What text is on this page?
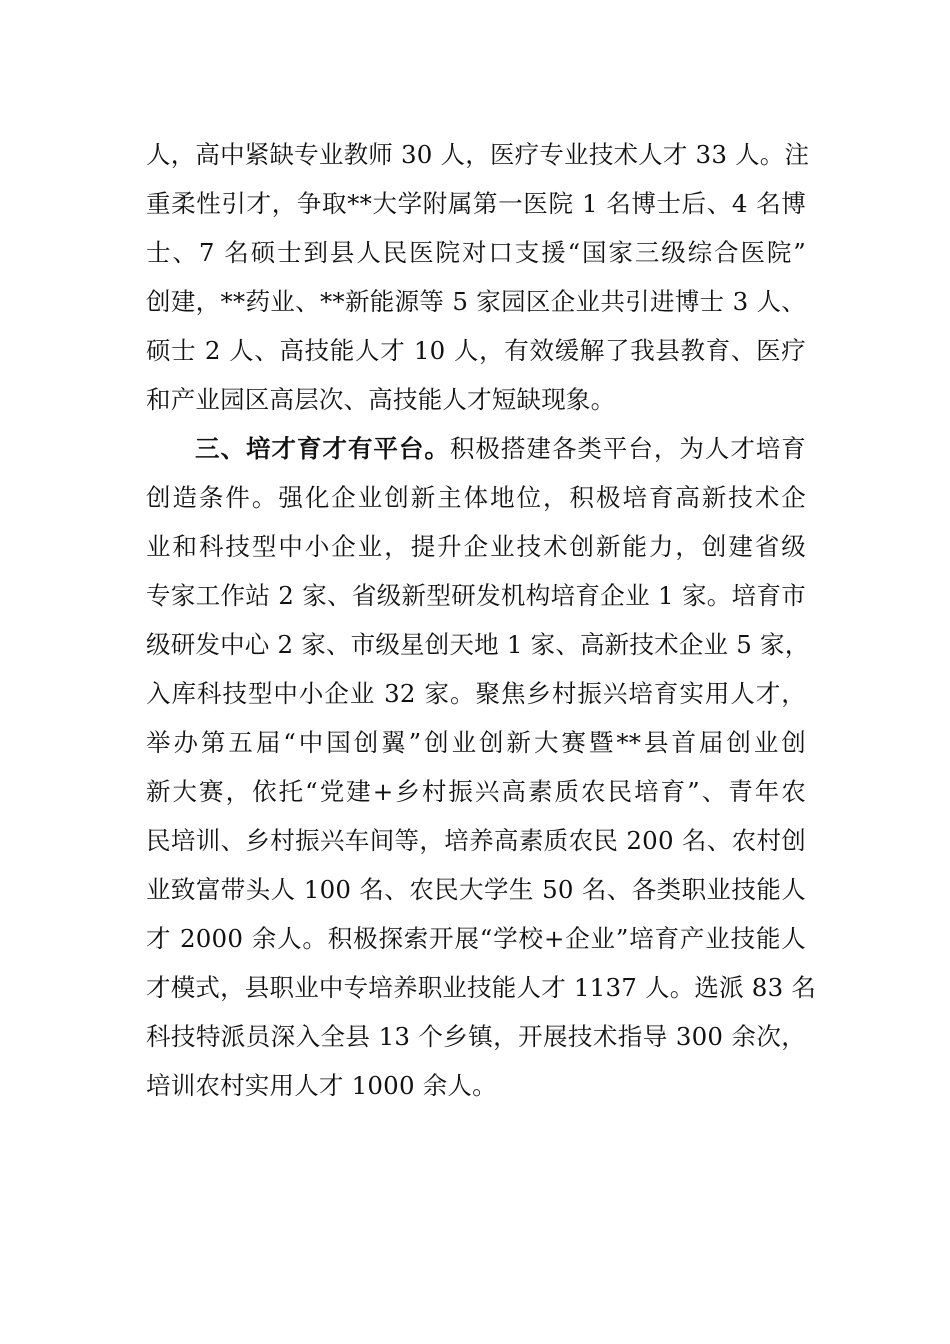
人，高中紧缺专业教师 30 人，医疗专业技术人才 33 人。注
重柔性引才，争取**大学附属第一医院 1 名博士后、4 名博
士、7 名硕士到县人民医院对口支援“国家三级综合医院”
创建，**药业、**新能源等 5 家园区企业共引进博士 3 人、
硕士 2 人、高技能人才 10 人，有效缓解了我县教育、医疗
和产业园区高层次、高技能人才短缺现象。
三、培才育才有平台。积极搭建各类平台，为人才培育
创造条件。强化企业创新主体地位，积极培育高新技术企
业和科技型中小企业，提升企业技术创新能力，创建省级
专家工作站 2 家、省级新型研发机构培育企业 1 家。培育市
级研发中心 2 家、市级星创天地 1 家、高新技术企业 5 家，
入库科技型中小企业 32 家。聚焦乡村振兴培育实用人才，
举办第五届“中国创翼”创业创新大赛暨**县首届创业创
新大赛，依托“党建+乡村振兴高素质农民培育”、青年农
民培训、乡村振兴车间等，培养高素质农民 200 名、农村创
业致富带头人 100 名、农民大学生 50 名、各类职业技能人
才 2000 余人。积极探索开展“学校+企业”培育产业技能人
才模式，县职业中专培养职业技能人才 1137 人。选派 83 名
科技特派员深入全县 13 个乡镇，开展技术指导 300 余次，
培训农村实用人才 1000 余人。
